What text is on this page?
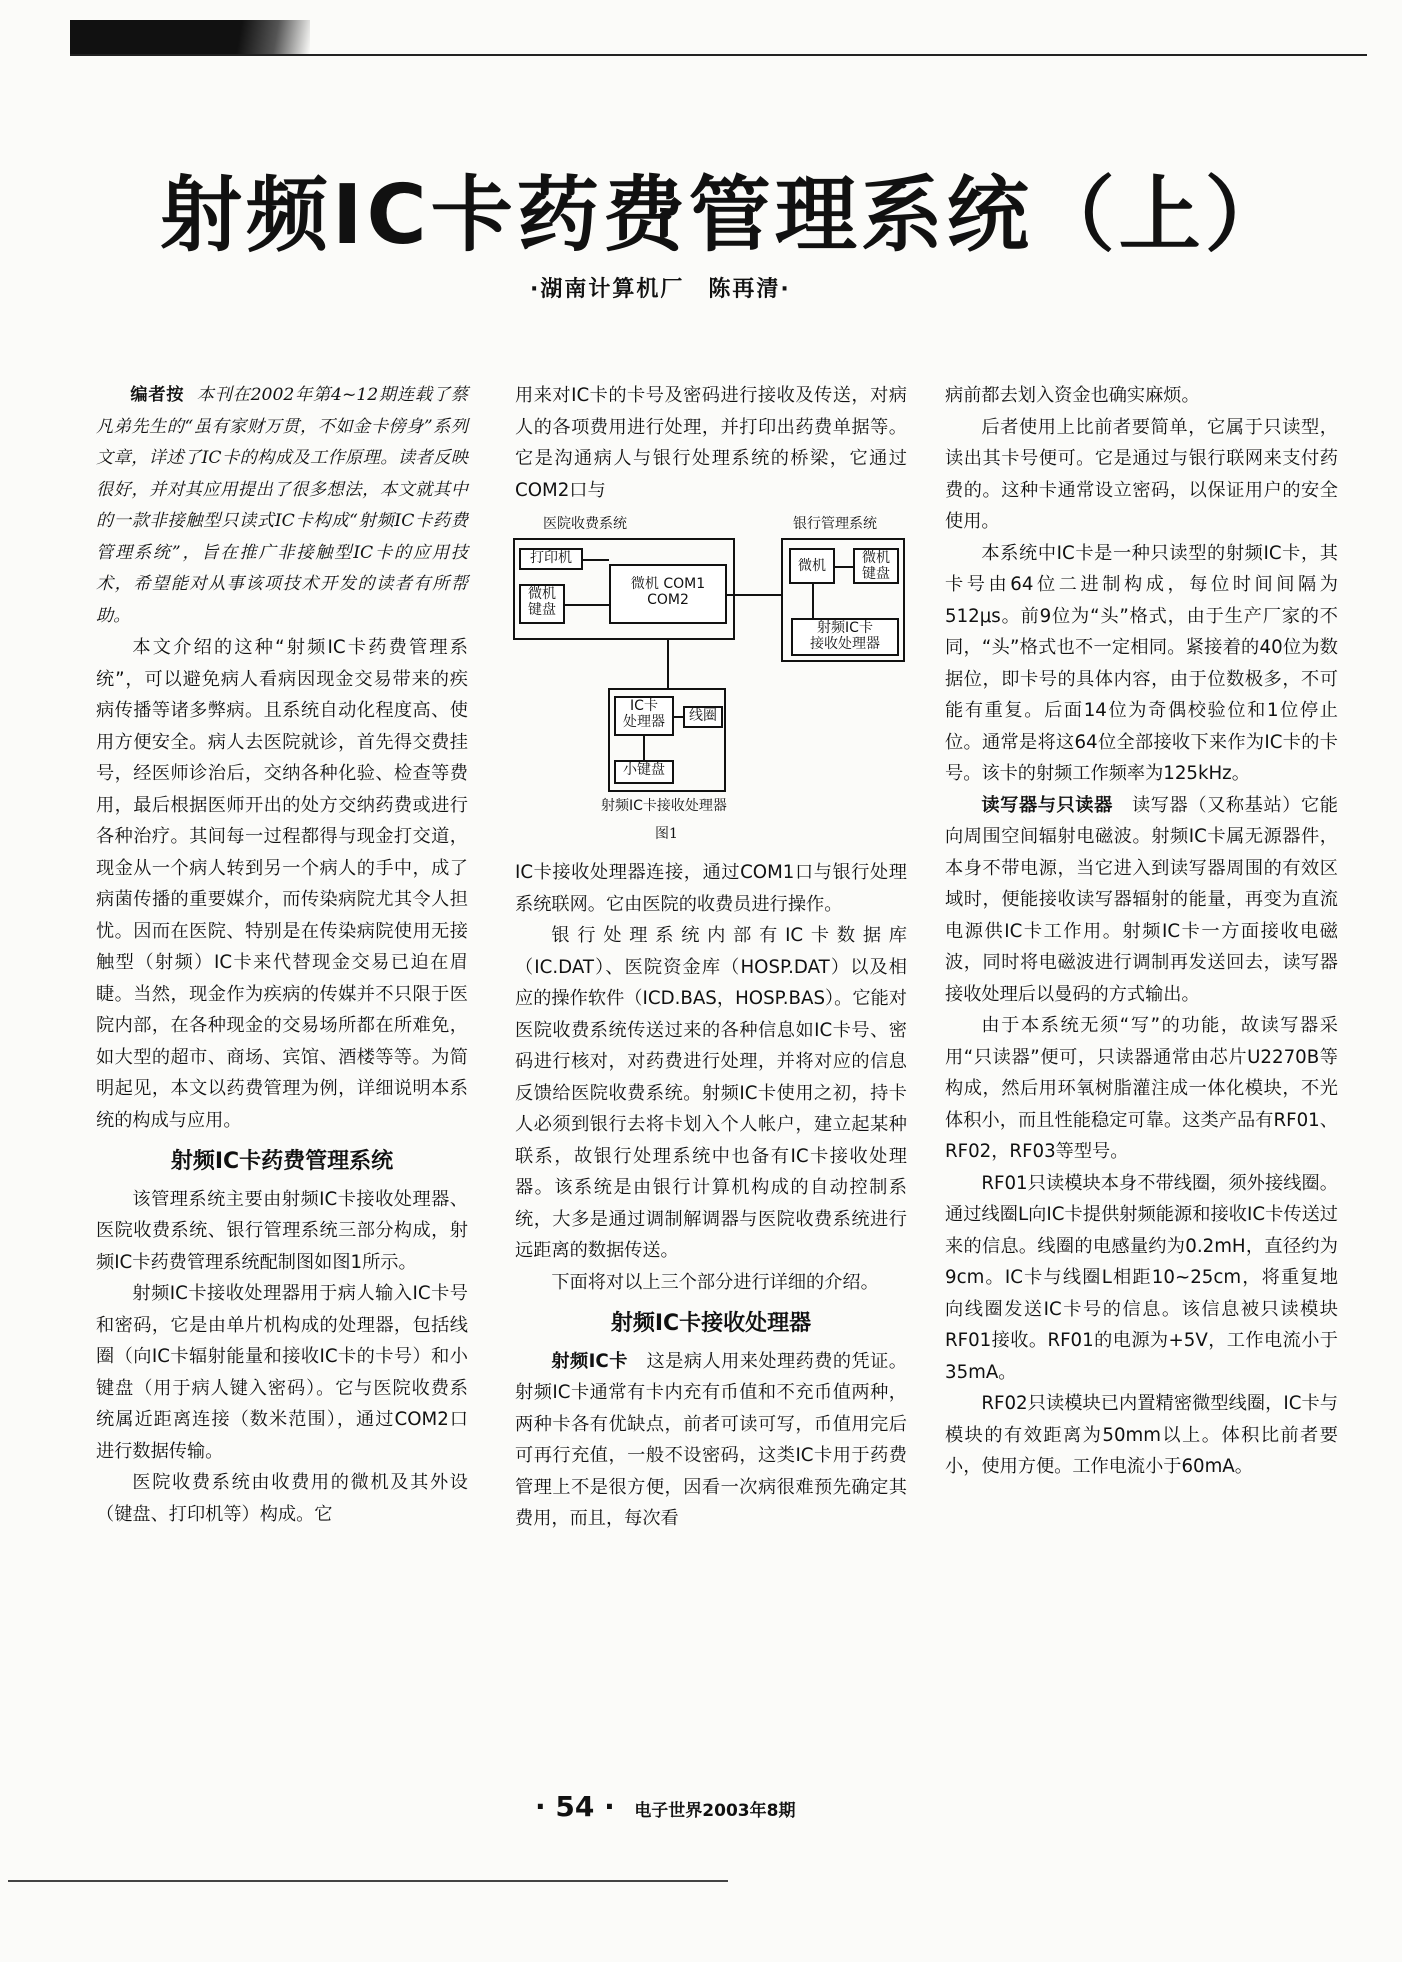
射频IC卡药费管理系统（上）
·湖南计算机厂　陈再清·

编者按 本刊在2002年第4~12期连载了蔡凡弟先生的“虽有家财万贯，不如金卡傍身”系列文章，详述了IC卡的构成及工作原理。读者反映很好，并对其应用提出了很多想法，本文就其中的一款非接触型只读式IC卡构成“射频IC卡药费管理系统”，旨在推广非接触型IC卡的应用技术，希望能对从事该项技术开发的读者有所帮助。

本文介绍的这种“射频IC卡药费管理系统”，可以避免病人看病因现金交易带来的疾病传播等诸多弊病。且系统自动化程度高、使用方便安全。病人去医院就诊，首先得交费挂号，经医师诊治后，交纳各种化验、检查等费用，最后根据医师开出的处方交纳药费或进行各种治疗。其间每一过程都得与现金打交道，现金从一个病人转到另一个病人的手中，成了病菌传播的重要媒介，而传染病院尤其令人担忧。因而在医院、特别是在传染病院使用无接触型（射频）IC卡来代替现金交易已迫在眉睫。当然，现金作为疾病的传媒并不只限于医院内部，在各种现金的交易场所都在所难免，如大型的超市、商场、宾馆、酒楼等等。为简明起见，本文以药费管理为例，详细说明本系统的构成与应用。

射频IC卡药费管理系统

该管理系统主要由射频IC卡接收处理器、医院收费系统、银行管理系统三部分构成，射频IC卡药费管理系统配制图如图1所示。

射频IC卡接收处理器用于病人输入IC卡号和密码，它是由单片机构成的处理器，包括线圈（向IC卡辐射能量和接收IC卡的卡号）和小键盘（用于病人键入密码）。它与医院收费系统属近距离连接（数米范围），通过COM2口进行数据传输。

医院收费系统由收费用的微机及其外设（键盘、打印机等）构成。它

用来对IC卡的卡号及密码进行接收及传送，对病人的各项费用进行处理，并打印出药费单据等。它是沟通病人与银行处理系统的桥梁，它通过COM2口与

医院收费系统	银行管理系统
打印机
微机
键盘
微机 COM1
COM2
微机	微机
键盘
射频IC卡
接收处理器
IC卡
处理器	线圈
小键盘
射频IC卡接收处理器
图1

IC卡接收处理器连接，通过COM1口与银行处理系统联网。它由医院的收费员进行操作。

银行处理系统内部有IC卡数据库（IC.DAT）、医院资金库（HOSP.DAT）以及相应的操作软件（ICD.BAS，HOSP.BAS）。它能对医院收费系统传送过来的各种信息如IC卡号、密码进行核对，对药费进行处理，并将对应的信息反馈给医院收费系统。射频IC卡使用之初，持卡人必须到银行去将卡划入个人帐户，建立起某种联系，故银行处理系统中也备有IC卡接收处理器。该系统是由银行计算机构成的自动控制系统，大多是通过调制解调器与医院收费系统进行远距离的数据传送。

下面将对以上三个部分进行详细的介绍。

射频IC卡接收处理器

射频IC卡 这是病人用来处理药费的凭证。射频IC卡通常有卡内充有币值和不充币值两种，两种卡各有优缺点，前者可读可写，币值用完后可再行充值，一般不设密码，这类IC卡用于药费管理上不是很方便，因看一次病很难预先确定其费用，而且，每次看

病前都去划入资金也确实麻烦。

后者使用上比前者要简单，它属于只读型，读出其卡号便可。它是通过与银行联网来支付药费的。这种卡通常设立密码，以保证用户的安全使用。

本系统中IC卡是一种只读型的射频IC卡，其卡号由64位二进制构成，每位时间间隔为512μs。前9位为“头”格式，由于生产厂家的不同，“头”格式也不一定相同。紧接着的40位为数据位，即卡号的具体内容，由于位数极多，不可能有重复。后面14位为奇偶校验位和1位停止位。通常是将这64位全部接收下来作为IC卡的卡号。该卡的射频工作频率为125kHz。

读写器与只读器 读写器（又称基站）它能向周围空间辐射电磁波。射频IC卡属无源器件，本身不带电源，当它进入到读写器周围的有效区域时，便能接收读写器辐射的能量，再变为直流电源供IC卡工作用。射频IC卡一方面接收电磁波，同时将电磁波进行调制再发送回去，读写器接收处理后以曼码的方式输出。

由于本系统无须“写”的功能，故读写器采用“只读器”便可，只读器通常由芯片U2270B等构成，然后用环氧树脂灌注成一体化模块，不光体积小，而且性能稳定可靠。这类产品有RF01、RF02，RF03等型号。

RF01只读模块本身不带线圈，须外接线圈。通过线圈L向IC卡提供射频能源和接收IC卡传送过来的信息。线圈的电感量约为0.2mH，直径约为9cm。IC卡与线圈L相距10~25cm，将重复地向线圈发送IC卡号的信息。该信息被只读模块RF01接收。RF01的电源为+5V，工作电流小于35mA。

RF02只读模块已内置精密微型线圈，IC卡与模块的有效距离为50mm以上。体积比前者要小，使用方便。工作电流小于60mA。

· 54 · 电子世界2003年8期
